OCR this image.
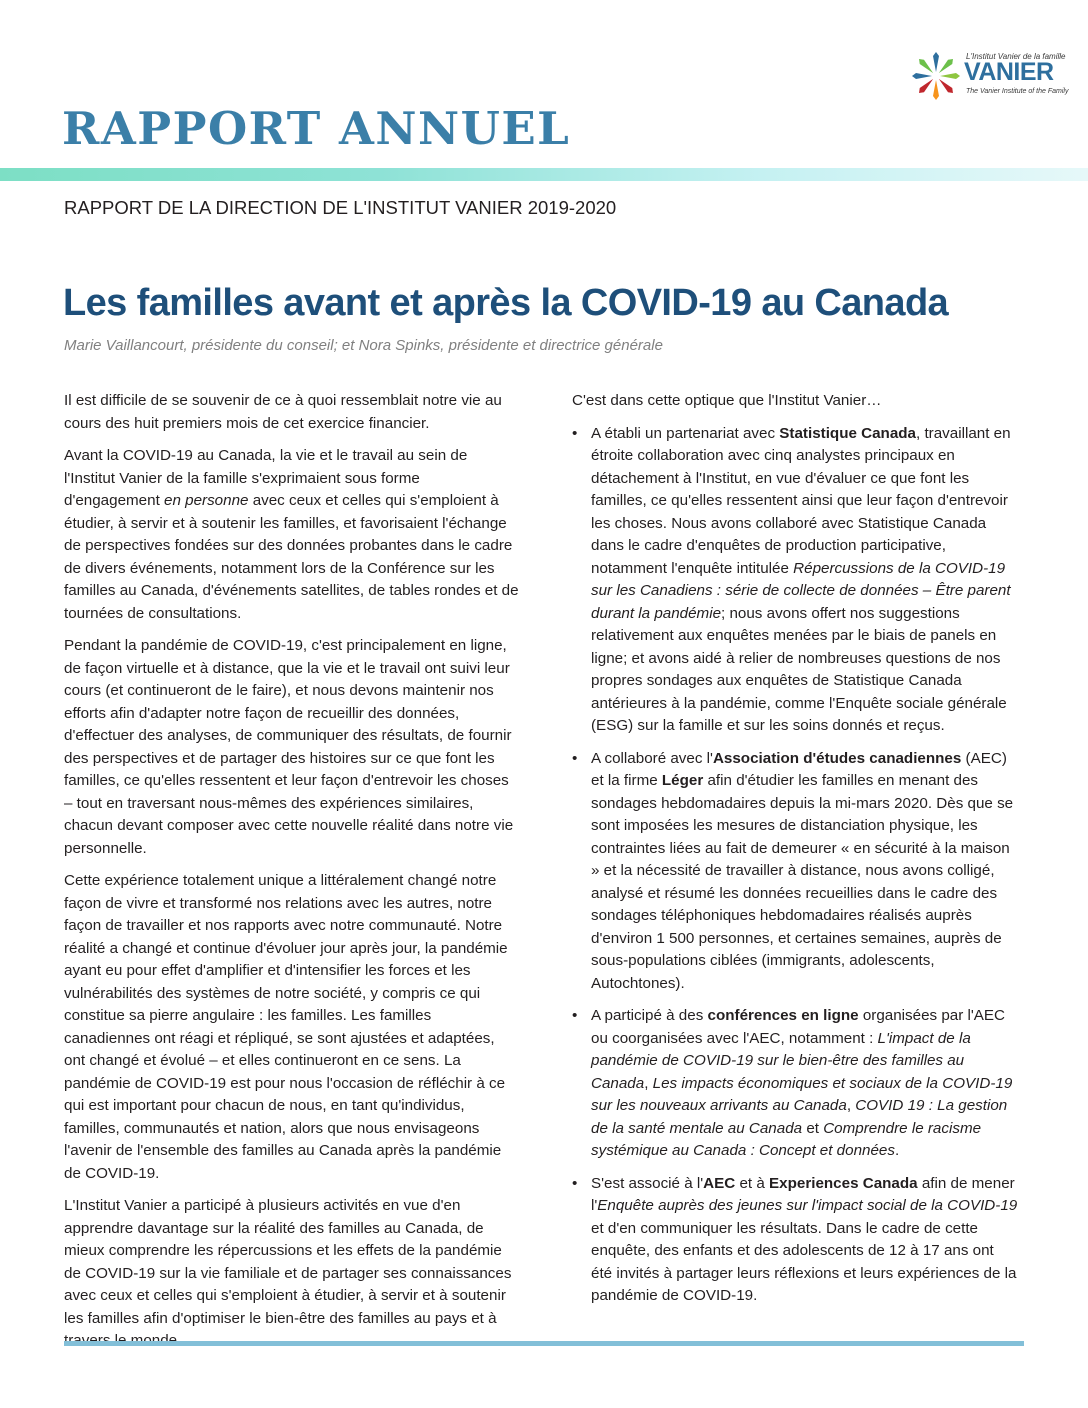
L'Institut Vanier de la famille
VANIER
The Vanier Institute of the Family
RAPPORT ANNUEL
RAPPORT DE LA DIRECTION DE L'INSTITUT VANIER 2019-2020
Les familles avant et après la COVID-19 au Canada
Marie Vaillancourt, présidente du conseil; et Nora Spinks, présidente et directrice générale

Il est difficile de se souvenir de ce à quoi ressemblait notre vie au cours des huit premiers mois de cet exercice financier.

Avant la COVID-19 au Canada, la vie et le travail au sein de l'Institut Vanier de la famille s'exprimaient sous forme d'engagement en personne avec ceux et celles qui s'emploient à étudier, à servir et à soutenir les familles, et favorisaient l'échange de perspectives fondées sur des données probantes dans le cadre de divers événements, notamment lors de la Conférence sur les familles au Canada, d'événements satellites, de tables rondes et de tournées de consultations.

Pendant la pandémie de COVID-19, c'est principalement en ligne, de façon virtuelle et à distance, que la vie et le travail ont suivi leur cours (et continueront de le faire), et nous devons maintenir nos efforts afin d'adapter notre façon de recueillir des données, d'effectuer des analyses, de communiquer des résultats, de fournir des perspectives et de partager des histoires sur ce que font les familles, ce qu'elles ressentent et leur façon d'entrevoir les choses – tout en traversant nous-mêmes des expériences similaires, chacun devant composer avec cette nouvelle réalité dans notre vie personnelle.

Cette expérience totalement unique a littéralement changé notre façon de vivre et transformé nos relations avec les autres, notre façon de travailler et nos rapports avec notre communauté. Notre réalité a changé et continue d'évoluer jour après jour, la pandémie ayant eu pour effet d'amplifier et d'intensifier les forces et les vulnérabilités des systèmes de notre société, y compris ce qui constitue sa pierre angulaire : les familles. Les familles canadiennes ont réagi et répliqué, se sont ajustées et adaptées, ont changé et évolué – et elles continueront en ce sens. La pandémie de COVID-19 est pour nous l'occasion de réfléchir à ce qui est important pour chacun de nous, en tant qu'individus, familles, communautés et nation, alors que nous envisageons l'avenir de l'ensemble des familles au Canada après la pandémie de COVID-19.

L'Institut Vanier a participé à plusieurs activités en vue d'en apprendre davantage sur la réalité des familles au Canada, de mieux comprendre les répercussions et les effets de la pandémie de COVID-19 sur la vie familiale et de partager ses connaissances avec ceux et celles qui s'emploient à étudier, à servir et à soutenir les familles afin d'optimiser le bien-être des familles au pays et à

C'est dans cette optique que l'Institut Vanier…

• A établi un partenariat avec Statistique Canada, travaillant en étroite collaboration avec cinq analystes principaux en détachement à l'Institut, en vue d'évaluer ce que font les familles, ce qu'elles ressentent ainsi que leur façon d'entrevoir les choses. Nous avons collaboré avec Statistique Canada dans le cadre d'enquêtes de production participative, notamment l'enquête intitulée Répercussions de la COVID-19 sur les Canadiens : série de collecte de données – Être parent durant la pandémie; nous avons offert nos suggestions relativement aux enquêtes menées par le biais de panels en ligne; et avons aidé à relier de nombreuses questions de nos propres sondages aux enquêtes de Statistique Canada antérieures à la pandémie, comme l'Enquête sociale générale (ESG) sur la famille et sur les soins donnés et reçus.
• A collaboré avec l'Association d'études canadiennes (AEC) et la firme Léger afin d'étudier les familles en menant des sondages hebdomadaires depuis la mi-mars 2020. Dès que se sont imposées les mesures de distanciation physique, les contraintes liées au fait de demeurer « en sécurité à la maison » et la nécessité de travailler à distance, nous avons colligé, analysé et résumé les données recueillies dans le cadre des sondages téléphoniques hebdomadaires réalisés auprès d'environ 1 500 personnes, et certaines semaines, auprès de sous-populations ciblées (immigrants, adolescents, Autochtones).
• A participé à des conférences en ligne organisées par l'AEC ou coorganisées avec l'AEC, notamment : L'impact de la pandémie de COVID-19 sur le bien-être des familles au Canada, Les impacts économiques et sociaux de la COVID-19 sur les nouveaux arrivants au Canada, COVID 19 : La gestion de la santé mentale au Canada et Comprendre le racisme systémique au Canada : Concept et données.
• S'est associé à l'AEC et à Experiences Canada afin de mener l'Enquête auprès des jeunes sur l'impact social de la COVID-19 et d'en communiquer les résultats. Dans le cadre de cette enquête, des enfants et des adolescents de 12 à 17 ans ont été invités à partager leurs réflexions et leurs expériences de la pandémie de COVID-19.
